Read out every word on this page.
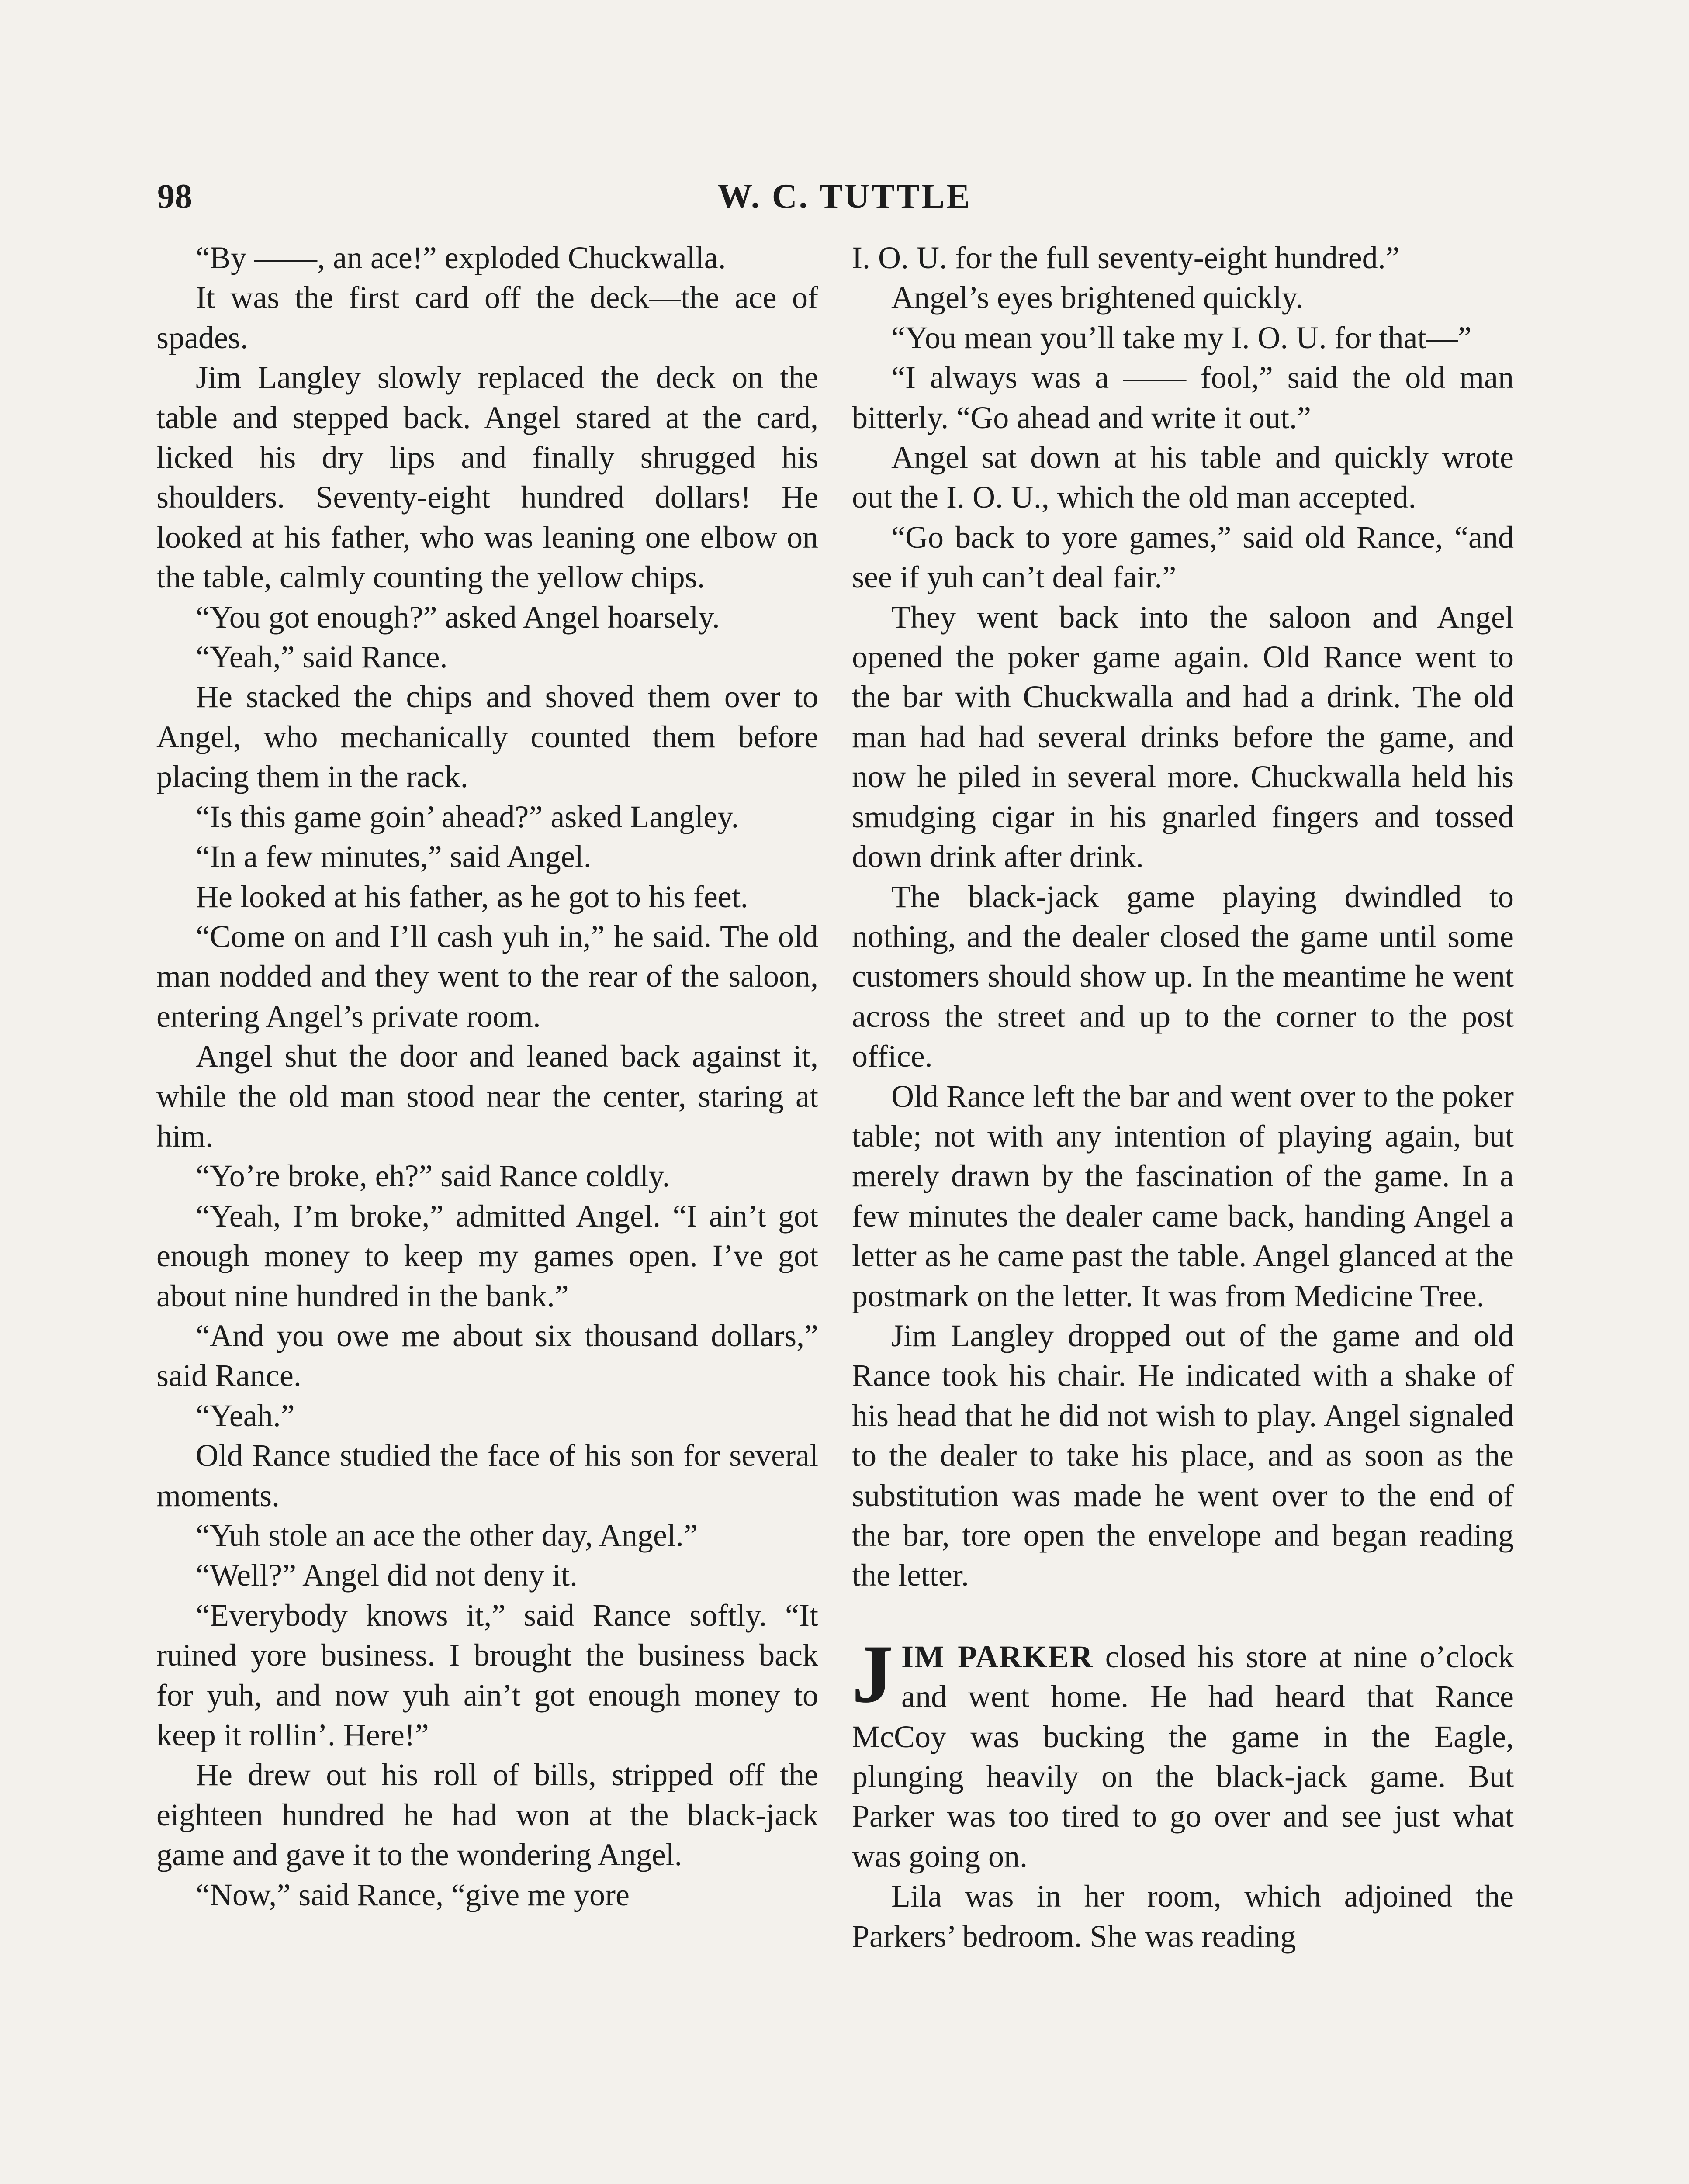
98	W. C. TUTTLE

“By ——, an ace!” exploded Chuckwalla.

It was the first card off the deck—the ace of spades.

Jim Langley slowly replaced the deck on the table and stepped back. Angel stared at the card, licked his dry lips and finally shrugged his shoulders. Seventy-eight hundred dollars! He looked at his father, who was leaning one elbow on the table, calmly counting the yellow chips.

“You got enough?” asked Angel hoarsely.

“Yeah,” said Rance.

He stacked the chips and shoved them over to Angel, who mechanically counted them before placing them in the rack.

“Is this game goin’ ahead?” asked Langley.

“In a few minutes,” said Angel.

He looked at his father, as he got to his feet.

“Come on and I’ll cash yuh in,” he said. The old man nodded and they went to the rear of the saloon, entering Angel’s private room.

Angel shut the door and leaned back against it, while the old man stood near the center, staring at him.

“Yo’re broke, eh?” said Rance coldly.

“Yeah, I’m broke,” admitted Angel. “I ain’t got enough money to keep my games open. I’ve got about nine hundred in the bank.”

“And you owe me about six thousand dollars,” said Rance.

“Yeah.”

Old Rance studied the face of his son for several moments.

“Yuh stole an ace the other day, Angel.”

“Well?” Angel did not deny it.

“Everybody knows it,” said Rance softly. “It ruined yore business. I brought the business back for yuh, and now yuh ain’t got enough money to keep it rollin’. Here!”

He drew out his roll of bills, stripped off the eighteen hundred he had won at the black-jack game and gave it to the wondering Angel.

“Now,” said Rance, “give me yore

I. O. U. for the full seventy-eight hundred.”

Angel’s eyes brightened quickly.

“You mean you’ll take my I. O. U. for that—”

“I always was a —— fool,” said the old man bitterly. “Go ahead and write it out.”

Angel sat down at his table and quickly wrote out the I. O. U., which the old man accepted.

“Go back to yore games,” said old Rance, “and see if yuh can’t deal fair.”

They went back into the saloon and Angel opened the poker game again. Old Rance went to the bar with Chuckwalla and had a drink. The old man had had several drinks before the game, and now he piled in several more. Chuckwalla held his smudging cigar in his gnarled fingers and tossed down drink after drink.

The black-jack game playing dwindled to nothing, and the dealer closed the game until some customers should show up. In the meantime he went across the street and up to the corner to the post office.

Old Rance left the bar and went over to the poker table; not with any intention of playing again, but merely drawn by the fascination of the game. In a few minutes the dealer came back, handing Angel a letter as he came past the table. Angel glanced at the postmark on the letter. It was from Medicine Tree.

Jim Langley dropped out of the game and old Rance took his chair. He indicated with a shake of his head that he did not wish to play. Angel signaled to the dealer to take his place, and as soon as the substitution was made he went over to the end of the bar, tore open the envelope and began reading the letter.

JIM PARKER closed his store at nine o’clock and went home. He had heard that Rance McCoy was bucking the game in the Eagle, plunging heavily on the black-jack game. But Parker was too tired to go over and see just what was going on.

Lila was in her room, which adjoined the Parkers’ bedroom. She was reading
